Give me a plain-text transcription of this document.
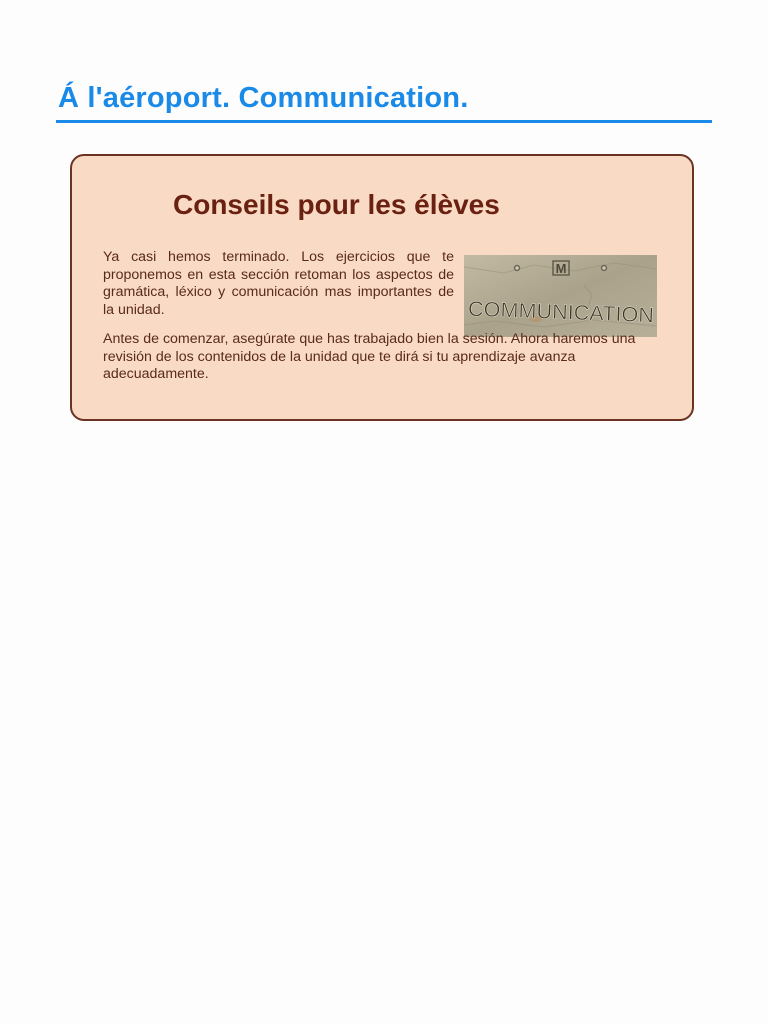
Á l'aéroport. Communication.
Conseils pour les élèves
M
COMMUNICATION

Ya casi hemos terminado. Los ejercicios que te proponemos en esta sección retoman los aspectos de gramática, léxico y comunicación mas importantes de la unidad.

Antes de comenzar, asegúrate que has trabajado bien la sesión. Ahora haremos una revisión de los contenidos de la unidad que te dirá si tu aprendizaje avanza adecuadamente.
